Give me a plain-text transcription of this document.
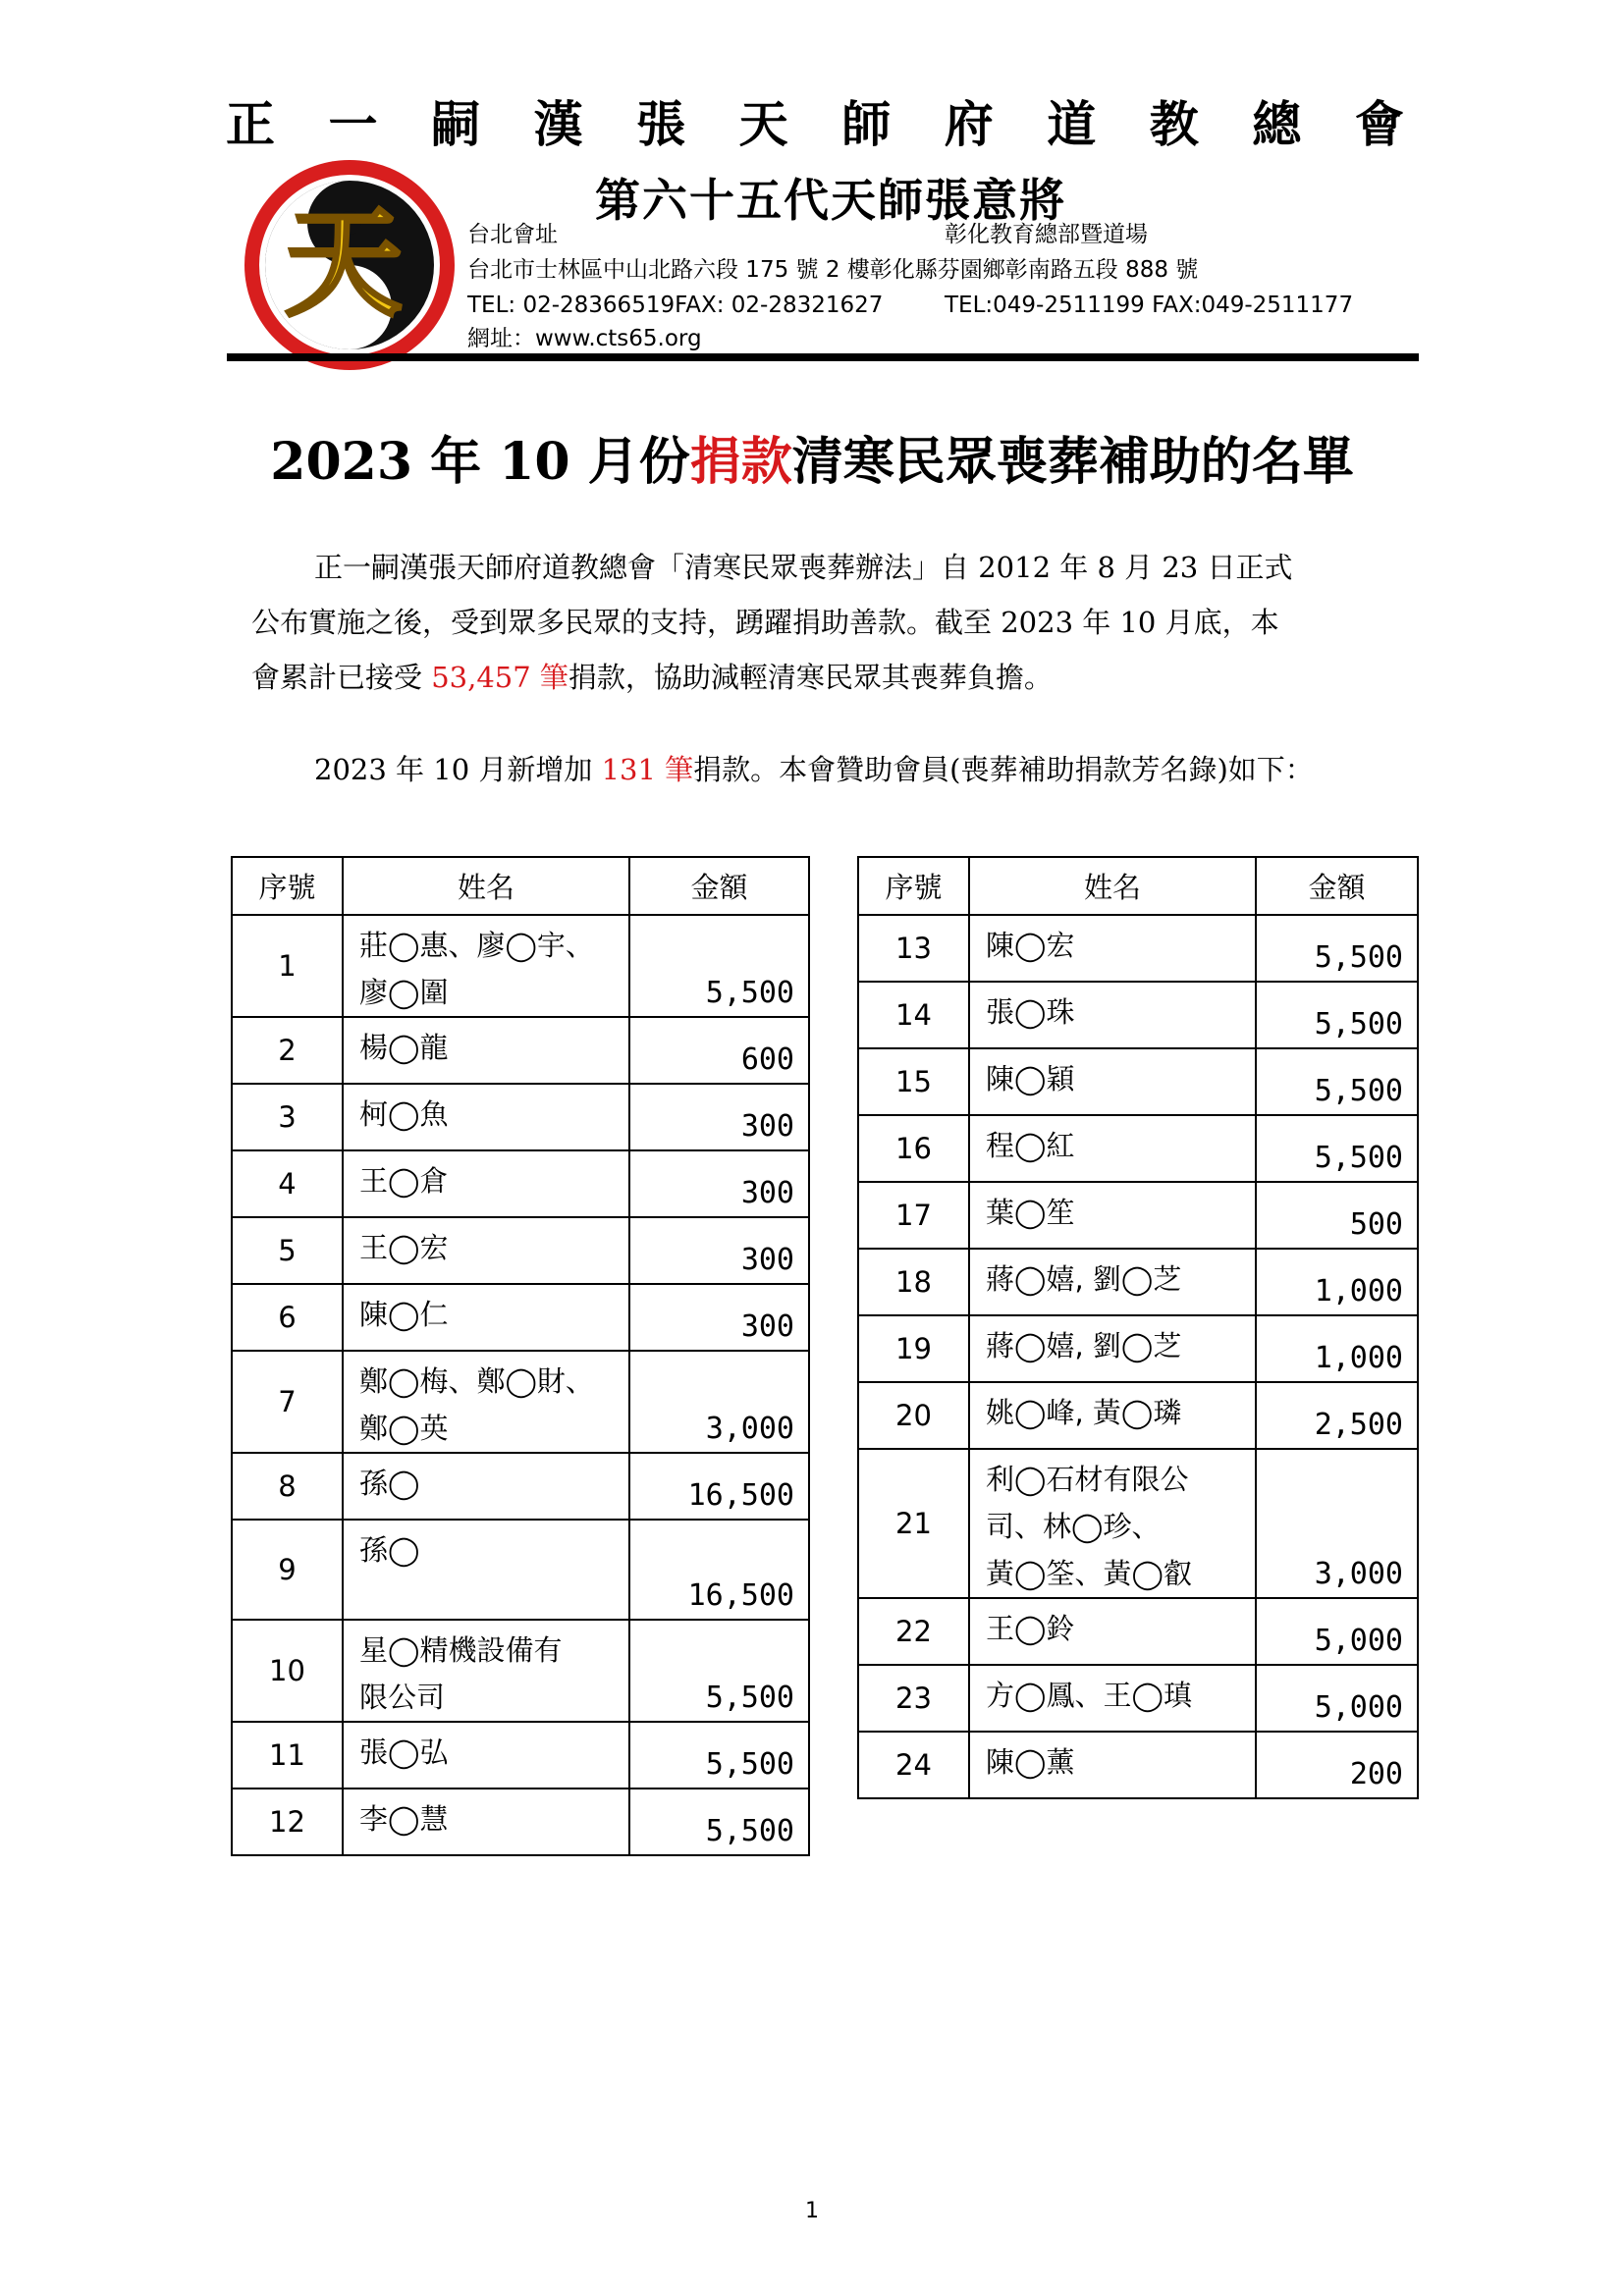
正 一 嗣 漢 張 天 師 府 道 教 總 會
天	第六十五代天師張意將
台北會址	彰化教育總部暨道場
台北市士林區中山北路六段 175 號 2 樓彰化縣芬園鄉彰南路五段 888 號
TEL: 02-28366519FAX: 02-28321627	TEL:049-2511199 FAX:049-2511177
網址：www.cts65.org
2023 年 10 月份捐款清寒民眾喪葬補助的名單

正一嗣漢張天師府道教總會「清寒民眾喪葬辦法」自 2012 年 8 月 23 日正式

公布實施之後，受到眾多民眾的支持，踴躍捐助善款。截至 2023 年 10 月底，本

會累計已接受 53,457 筆捐款，協助減輕清寒民眾其喪葬負擔。

2023 年 10 月新增加 131 筆捐款。本會贊助會員(喪葬補助捐款芳名錄)如下：
序號	姓名	金額
1	莊◯惠、廖◯宇、
廖◯圍	5,500
2	楊◯龍	600
3	柯◯魚	300
4	王◯倉	300
5	王◯宏	300
6	陳◯仁	300
7	鄭◯梅、鄭◯財、
鄭◯英	3,000
8	孫◯	16,500
9	孫◯	16,500
10	星◯精機設備有
限公司	5,500
11	張◯弘	5,500
12	李◯慧	5,500
序號	姓名	金額
13	陳◯宏	5,500
14	張◯珠	5,500
15	陳◯穎	5,500
16	程◯紅	5,500
17	葉◯笙	500
18	蔣◯嬉, 劉◯芝	1,000
19	蔣◯嬉, 劉◯芝	1,000
20	姚◯峰, 黃◯璘	2,500
21	利◯石材有限公
司、林◯珍、
黃◯筌、黃◯叡	3,000
22	王◯鈴	5,000
23	方◯鳳、王◯瑱	5,000
24	陳◯薰	200
1
